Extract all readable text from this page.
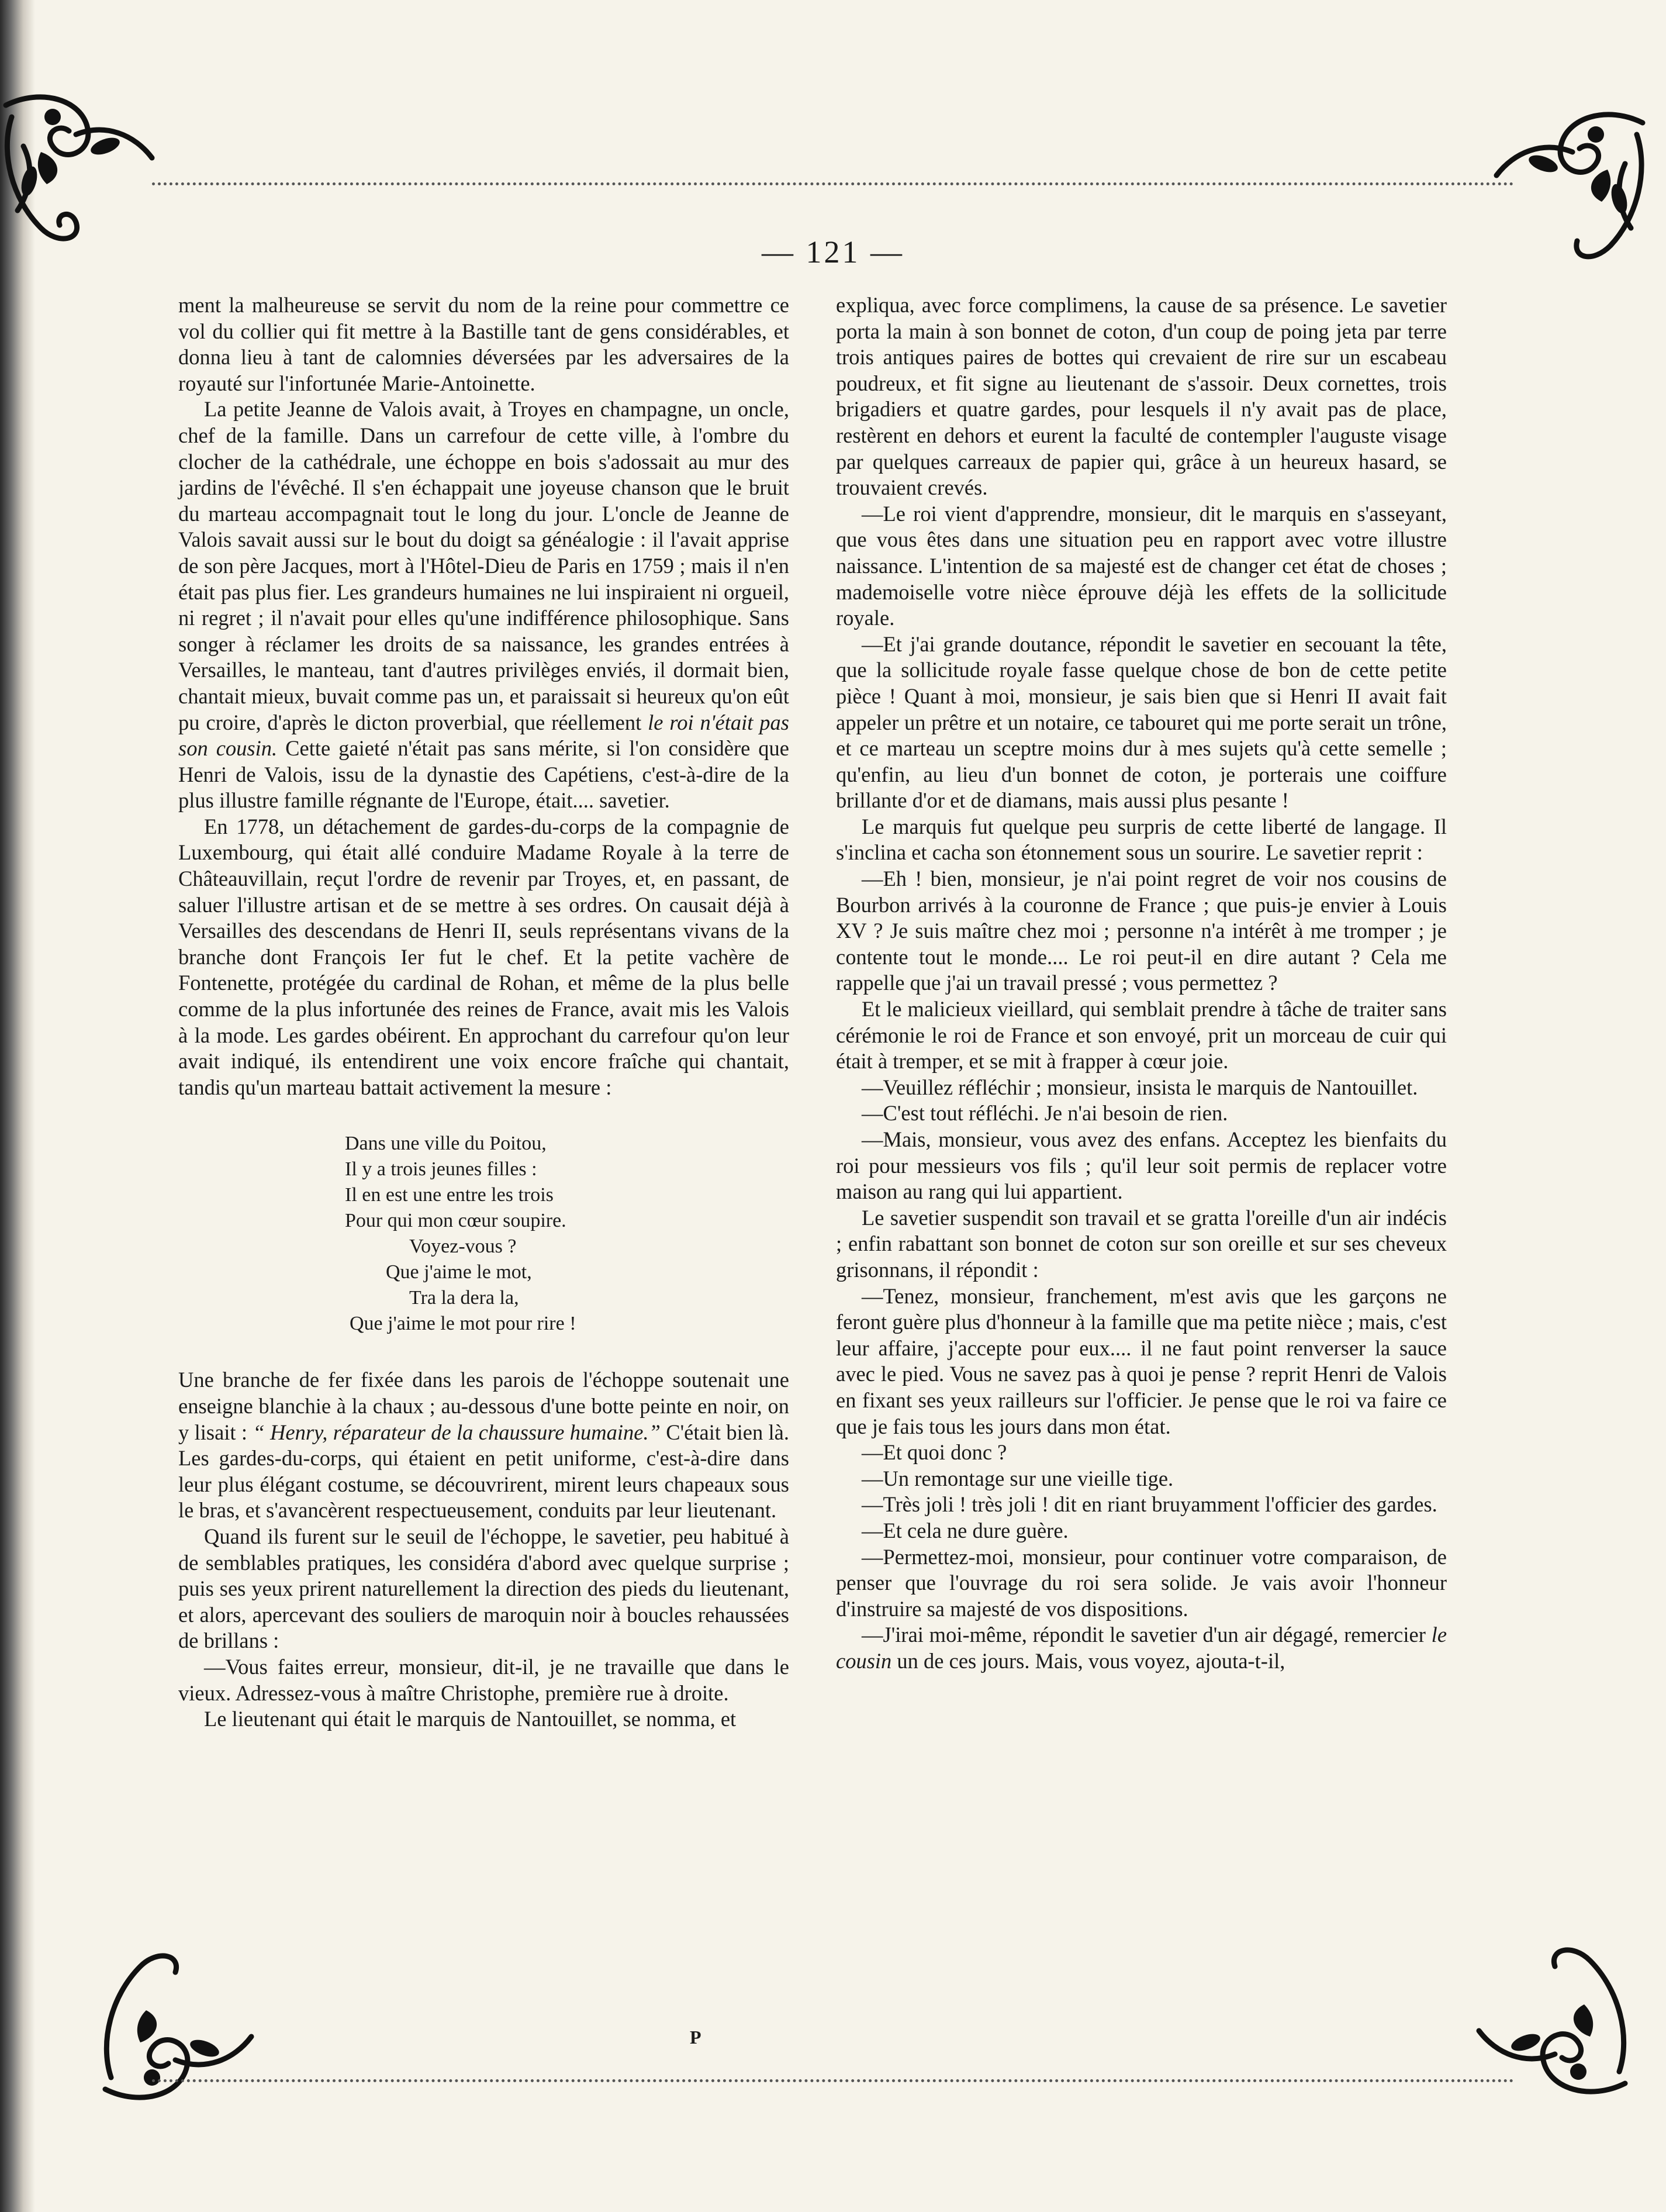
— 121 —

ment la malheureuse se servit du nom de la reine pour commettre ce vol du collier qui fit mettre à la Bastille tant de gens considérables, et donna lieu à tant de calomnies déversées par les adversaires de la royauté sur l'infortunée Marie-Antoinette.

La petite Jeanne de Valois avait, à Troyes en champagne, un oncle, chef de la famille. Dans un carrefour de cette ville, à l'ombre du clocher de la cathédrale, une échoppe en bois s'adossait au mur des jardins de l'évêché. Il s'en échappait une joyeuse chanson que le bruit du marteau accompagnait tout le long du jour. L'oncle de Jeanne de Valois savait aussi sur le bout du doigt sa généalogie : il l'avait apprise de son père Jacques, mort à l'Hôtel-Dieu de Paris en 1759 ; mais il n'en était pas plus fier. Les grandeurs humaines ne lui inspiraient ni orgueil, ni regret ; il n'avait pour elles qu'une indifférence philosophique. Sans songer à réclamer les droits de sa naissance, les grandes entrées à Versailles, le manteau, tant d'autres privilèges enviés, il dormait bien, chantait mieux, buvait comme pas un, et paraissait si heureux qu'on eût pu croire, d'après le dicton proverbial, que réellement le roi n'était pas son cousin. Cette gaieté n'était pas sans mérite, si l'on considère que Henri de Valois, issu de la dynastie des Capétiens, c'est-à-dire de la plus illustre famille régnante de l'Europe, était.... savetier.

En 1778, un détachement de gardes-du-corps de la compagnie de Luxembourg, qui était allé conduire Madame Royale à la terre de Châteauvillain, reçut l'ordre de revenir par Troyes, et, en passant, de saluer l'illustre artisan et de se mettre à ses ordres. On causait déjà à Versailles des descendans de Henri II, seuls représentans vivans de la branche dont François Ier fut le chef. Et la petite vachère de Fontenette, protégée du cardinal de Rohan, et même de la plus belle comme de la plus infortunée des reines de France, avait mis les Valois à la mode. Les gardes obéirent. En approchant du carrefour qu'on leur avait indiqué, ils entendirent une voix encore fraîche qui chantait, tandis qu'un marteau battait activement la mesure :

Dans une ville du Poitou,
Il y a trois jeunes filles :
Il en est une entre les trois
Pour qui mon cœur soupire.
Voyez-vous ?
Que j'aime le mot,
Tra la dera la,
Que j'aime le mot pour rire !

Une branche de fer fixée dans les parois de l'échoppe soutenait une enseigne blanchie à la chaux ; au-dessous d'une botte peinte en noir, on y lisait : “ Henry, réparateur de la chaussure humaine.” C'était bien là. Les gardes-du-corps, qui étaient en petit uniforme, c'est-à-dire dans leur plus élégant costume, se découvrirent, mirent leurs chapeaux sous le bras, et s'avancèrent respectueusement, conduits par leur lieutenant.

Quand ils furent sur le seuil de l'échoppe, le savetier, peu habitué à de semblables pratiques, les considéra d'abord avec quelque surprise ; puis ses yeux prirent naturellement la direction des pieds du lieutenant, et alors, apercevant des souliers de maroquin noir à boucles rehaussées de brillans :

—Vous faites erreur, monsieur, dit-il, je ne travaille que dans le vieux. Adressez-vous à maître Christophe, première rue à droite.

Le lieutenant qui était le marquis de Nantouillet, se nomma, et

expliqua, avec force complimens, la cause de sa présence. Le savetier porta la main à son bonnet de coton, d'un coup de poing jeta par terre trois antiques paires de bottes qui crevaient de rire sur un escabeau poudreux, et fit signe au lieutenant de s'assoir. Deux cornettes, trois brigadiers et quatre gardes, pour lesquels il n'y avait pas de place, restèrent en dehors et eurent la faculté de contempler l'auguste visage par quelques carreaux de papier qui, grâce à un heureux hasard, se trouvaient crevés.

—Le roi vient d'apprendre, monsieur, dit le marquis en s'asseyant, que vous êtes dans une situation peu en rapport avec votre illustre naissance. L'intention de sa majesté est de changer cet état de choses ; mademoiselle votre nièce éprouve déjà les effets de la sollicitude royale.

—Et j'ai grande doutance, répondit le savetier en secouant la tête, que la sollicitude royale fasse quelque chose de bon de cette petite pièce ! Quant à moi, monsieur, je sais bien que si Henri II avait fait appeler un prêtre et un notaire, ce tabouret qui me porte serait un trône, et ce marteau un sceptre moins dur à mes sujets qu'à cette semelle ; qu'enfin, au lieu d'un bonnet de coton, je porterais une coiffure brillante d'or et de diamans, mais aussi plus pesante !

Le marquis fut quelque peu surpris de cette liberté de langage. Il s'inclina et cacha son étonnement sous un sourire. Le savetier reprit :

—Eh ! bien, monsieur, je n'ai point regret de voir nos cousins de Bourbon arrivés à la couronne de France ; que puis-je envier à Louis XV ? Je suis maître chez moi ; personne n'a intérêt à me tromper ; je contente tout le monde.... Le roi peut-il en dire autant ? Cela me rappelle que j'ai un travail pressé ; vous permettez ?

Et le malicieux vieillard, qui semblait prendre à tâche de traiter sans cérémonie le roi de France et son envoyé, prit un morceau de cuir qui était à tremper, et se mit à frapper à cœur joie.

—Veuillez réfléchir ; monsieur, insista le marquis de Nantouillet.

—C'est tout réfléchi. Je n'ai besoin de rien.

—Mais, monsieur, vous avez des enfans. Acceptez les bienfaits du roi pour messieurs vos fils ; qu'il leur soit permis de replacer votre maison au rang qui lui appartient.

Le savetier suspendit son travail et se gratta l'oreille d'un air indécis ; enfin rabattant son bonnet de coton sur son oreille et sur ses cheveux grisonnans, il répondit :

—Tenez, monsieur, franchement, m'est avis que les garçons ne feront guère plus d'honneur à la famille que ma petite nièce ; mais, c'est leur affaire, j'accepte pour eux.... il ne faut point renverser la sauce avec le pied. Vous ne savez pas à quoi je pense ? reprit Henri de Valois en fixant ses yeux railleurs sur l'officier. Je pense que le roi va faire ce que je fais tous les jours dans mon état.

—Et quoi donc ?

—Un remontage sur une vieille tige.

—Très joli ! très joli ! dit en riant bruyamment l'officier des gardes.

—Et cela ne dure guère.

—Permettez-moi, monsieur, pour continuer votre comparaison, de penser que l'ouvrage du roi sera solide. Je vais avoir l'honneur d'instruire sa majesté de vos dispositions.

—J'irai moi-même, répondit le savetier d'un air dégagé, remercier le cousin un de ces jours. Mais, vous voyez, ajouta-t-il,

P
